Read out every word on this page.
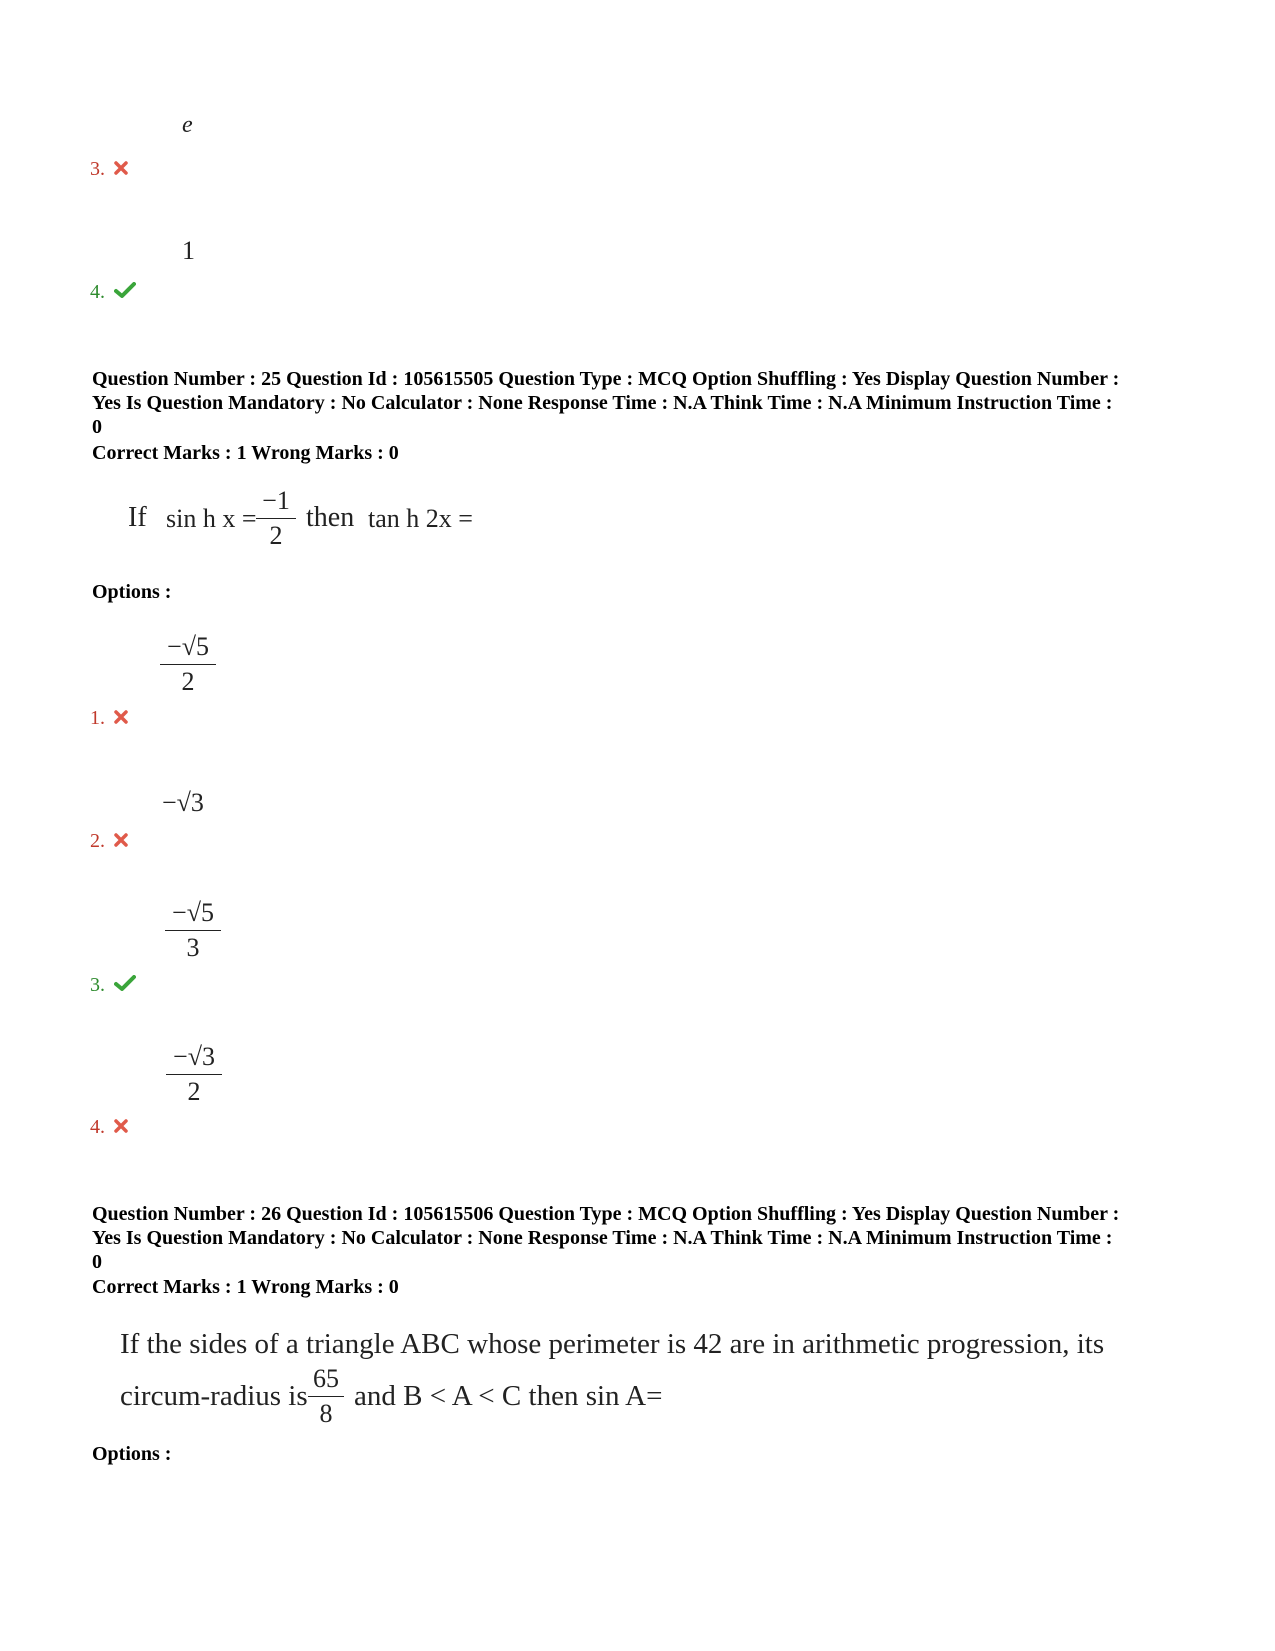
e
3.
1
4.
Question Number : 25 Question Id : 105615505 Question Type : MCQ Option Shuffling : Yes Display Question Number :
Yes Is Question Mandatory : No Calculator : None Response Time : N.A Think Time : N.A Minimum Instruction Time :
0
Correct Marks : 1 Wrong Marks : 0
If sin h x =
−1
2
then tan h 2x =
Options :
−√5
2
1.
−√3
2.
−√5
3
3.
−√3
2
4.
Question Number : 26 Question Id : 105615506 Question Type : MCQ Option Shuffling : Yes Display Question Number :
Yes Is Question Mandatory : No Calculator : None Response Time : N.A Think Time : N.A Minimum Instruction Time :
0
Correct Marks : 1 Wrong Marks : 0
If the sides of a triangle ABC whose perimeter is 42 are in arithmetic progression, its
circum-radius is
65
8
and B < A < C then sin A=
Options :
